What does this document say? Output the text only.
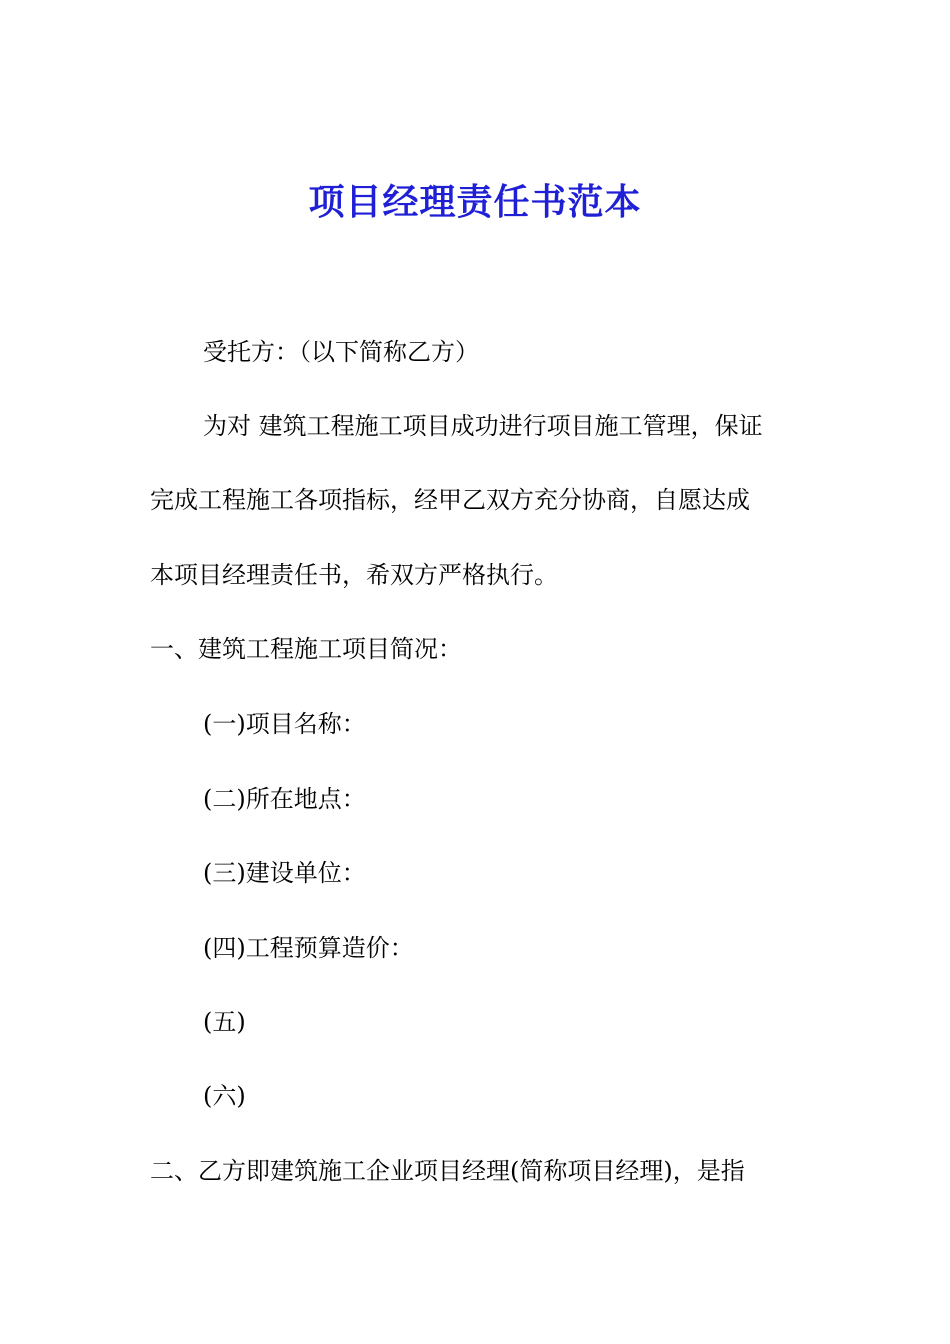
项目经理责任书范本
受托方：（以下简称乙方）
为对 建筑工程施工项目成功进行项目施工管理，保证
完成工程施工各项指标，经甲乙双方充分协商，自愿达成
本项目经理责任书，希双方严格执行。
一、建筑工程施工项目简况：
(一)项目名称：
(二)所在地点：
(三)建设单位：
(四)工程预算造价：
(五)
(六)
二、乙方即建筑施工企业项目经理(简称项目经理)，是指
